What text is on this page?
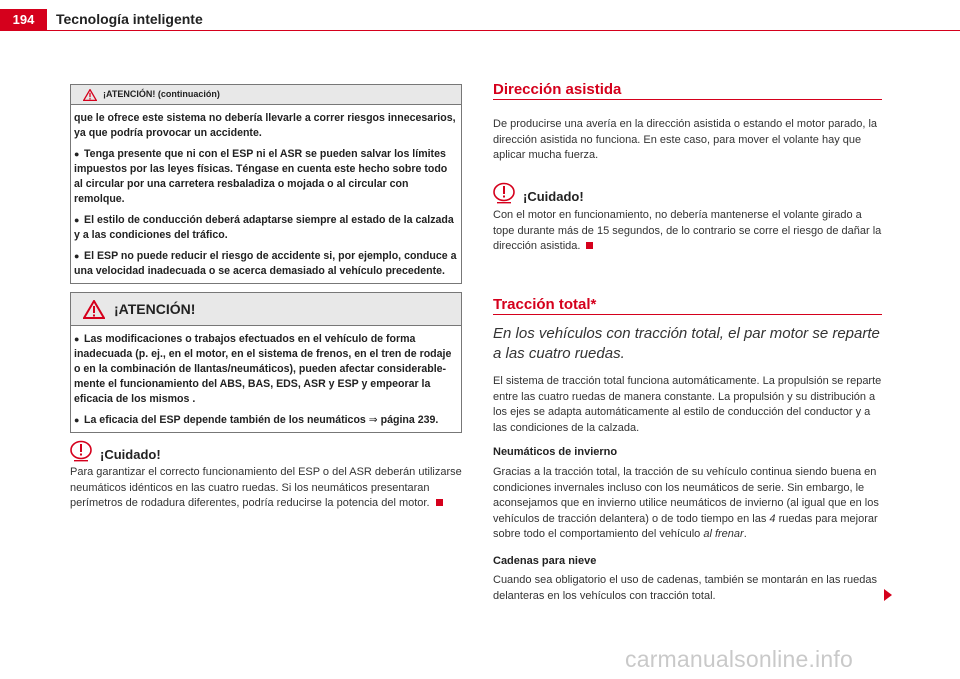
194	Tecnología inteligente
¡ATENCIÓN! (continuación)

que le ofrece este sistema no debería llevarle a correr riesgos innecesarios, ya que podría provocar un accidente.

● Tenga presente que ni con el ESP ni el ASR se pueden salvar los límites impuestos por las leyes físicas. Téngase en cuenta este hecho sobre todo al circular por una carretera resbaladiza o mojada o al circular con remolque.

● El estilo de conducción deberá adaptarse siempre al estado de la calzada y a las condiciones del tráfico.

● El ESP no puede reducir el riesgo de accidente si, por ejemplo, conduce a una velocidad inadecuada o se acerca demasiado al vehículo precedente.

¡ATENCIÓN!

● Las modificaciones o trabajos efectuados en el vehículo de forma inadecuada (p. ej., en el motor, en el sistema de frenos, en el tren de rodaje o en la combinación de llantas/neumáticos), pueden afectar considerablemente el funcionamiento del ABS, BAS, EDS, ASR y ESP y empeorar la eficacia de los mismos .

● La eficacia del ESP depende también de los neumáticos ⇒ página 239.

¡Cuidado!
Para garantizar el correcto funcionamiento del ESP o del ASR deberán utilizarse neumáticos idénticos en las cuatro ruedas. Si los neumáticos presentaran perímetros de rodadura diferentes, podría reducirse la potencia del motor.
Dirección asistida
De producirse una avería en la dirección asistida o estando el motor parado, la dirección asistida no funciona. En este caso, para mover el volante hay que aplicar mucha fuerza.
¡Cuidado!
Con el motor en funcionamiento, no debería mantenerse el volante girado a tope durante más de 15 segundos, de lo contrario se corre el riesgo de dañar la dirección asistida.
Tracción total*
En los vehículos con tracción total, el par motor se reparte a las cuatro ruedas.
El sistema de tracción total funciona automáticamente. La propulsión se reparte entre las cuatro ruedas de manera constante. La propulsión y su distribución a los ejes se adapta automáticamente al estilo de conducción del conductor y a las condiciones de la calzada.
Neumáticos de invierno
Gracias a la tracción total, la tracción de su vehículo continua siendo buena en condiciones invernales incluso con los neumáticos de serie. Sin embargo, le aconsejamos que en invierno utilice neumáticos de invierno (al igual que en los vehículos de tracción delantera) o de todo tiempo en las 4 ruedas para mejorar sobre todo el comportamiento del vehículo al frenar.
Cadenas para nieve
Cuando sea obligatorio el uso de cadenas, también se montarán en las ruedas delanteras en los vehículos con tracción total.
carmanualsonline.info
